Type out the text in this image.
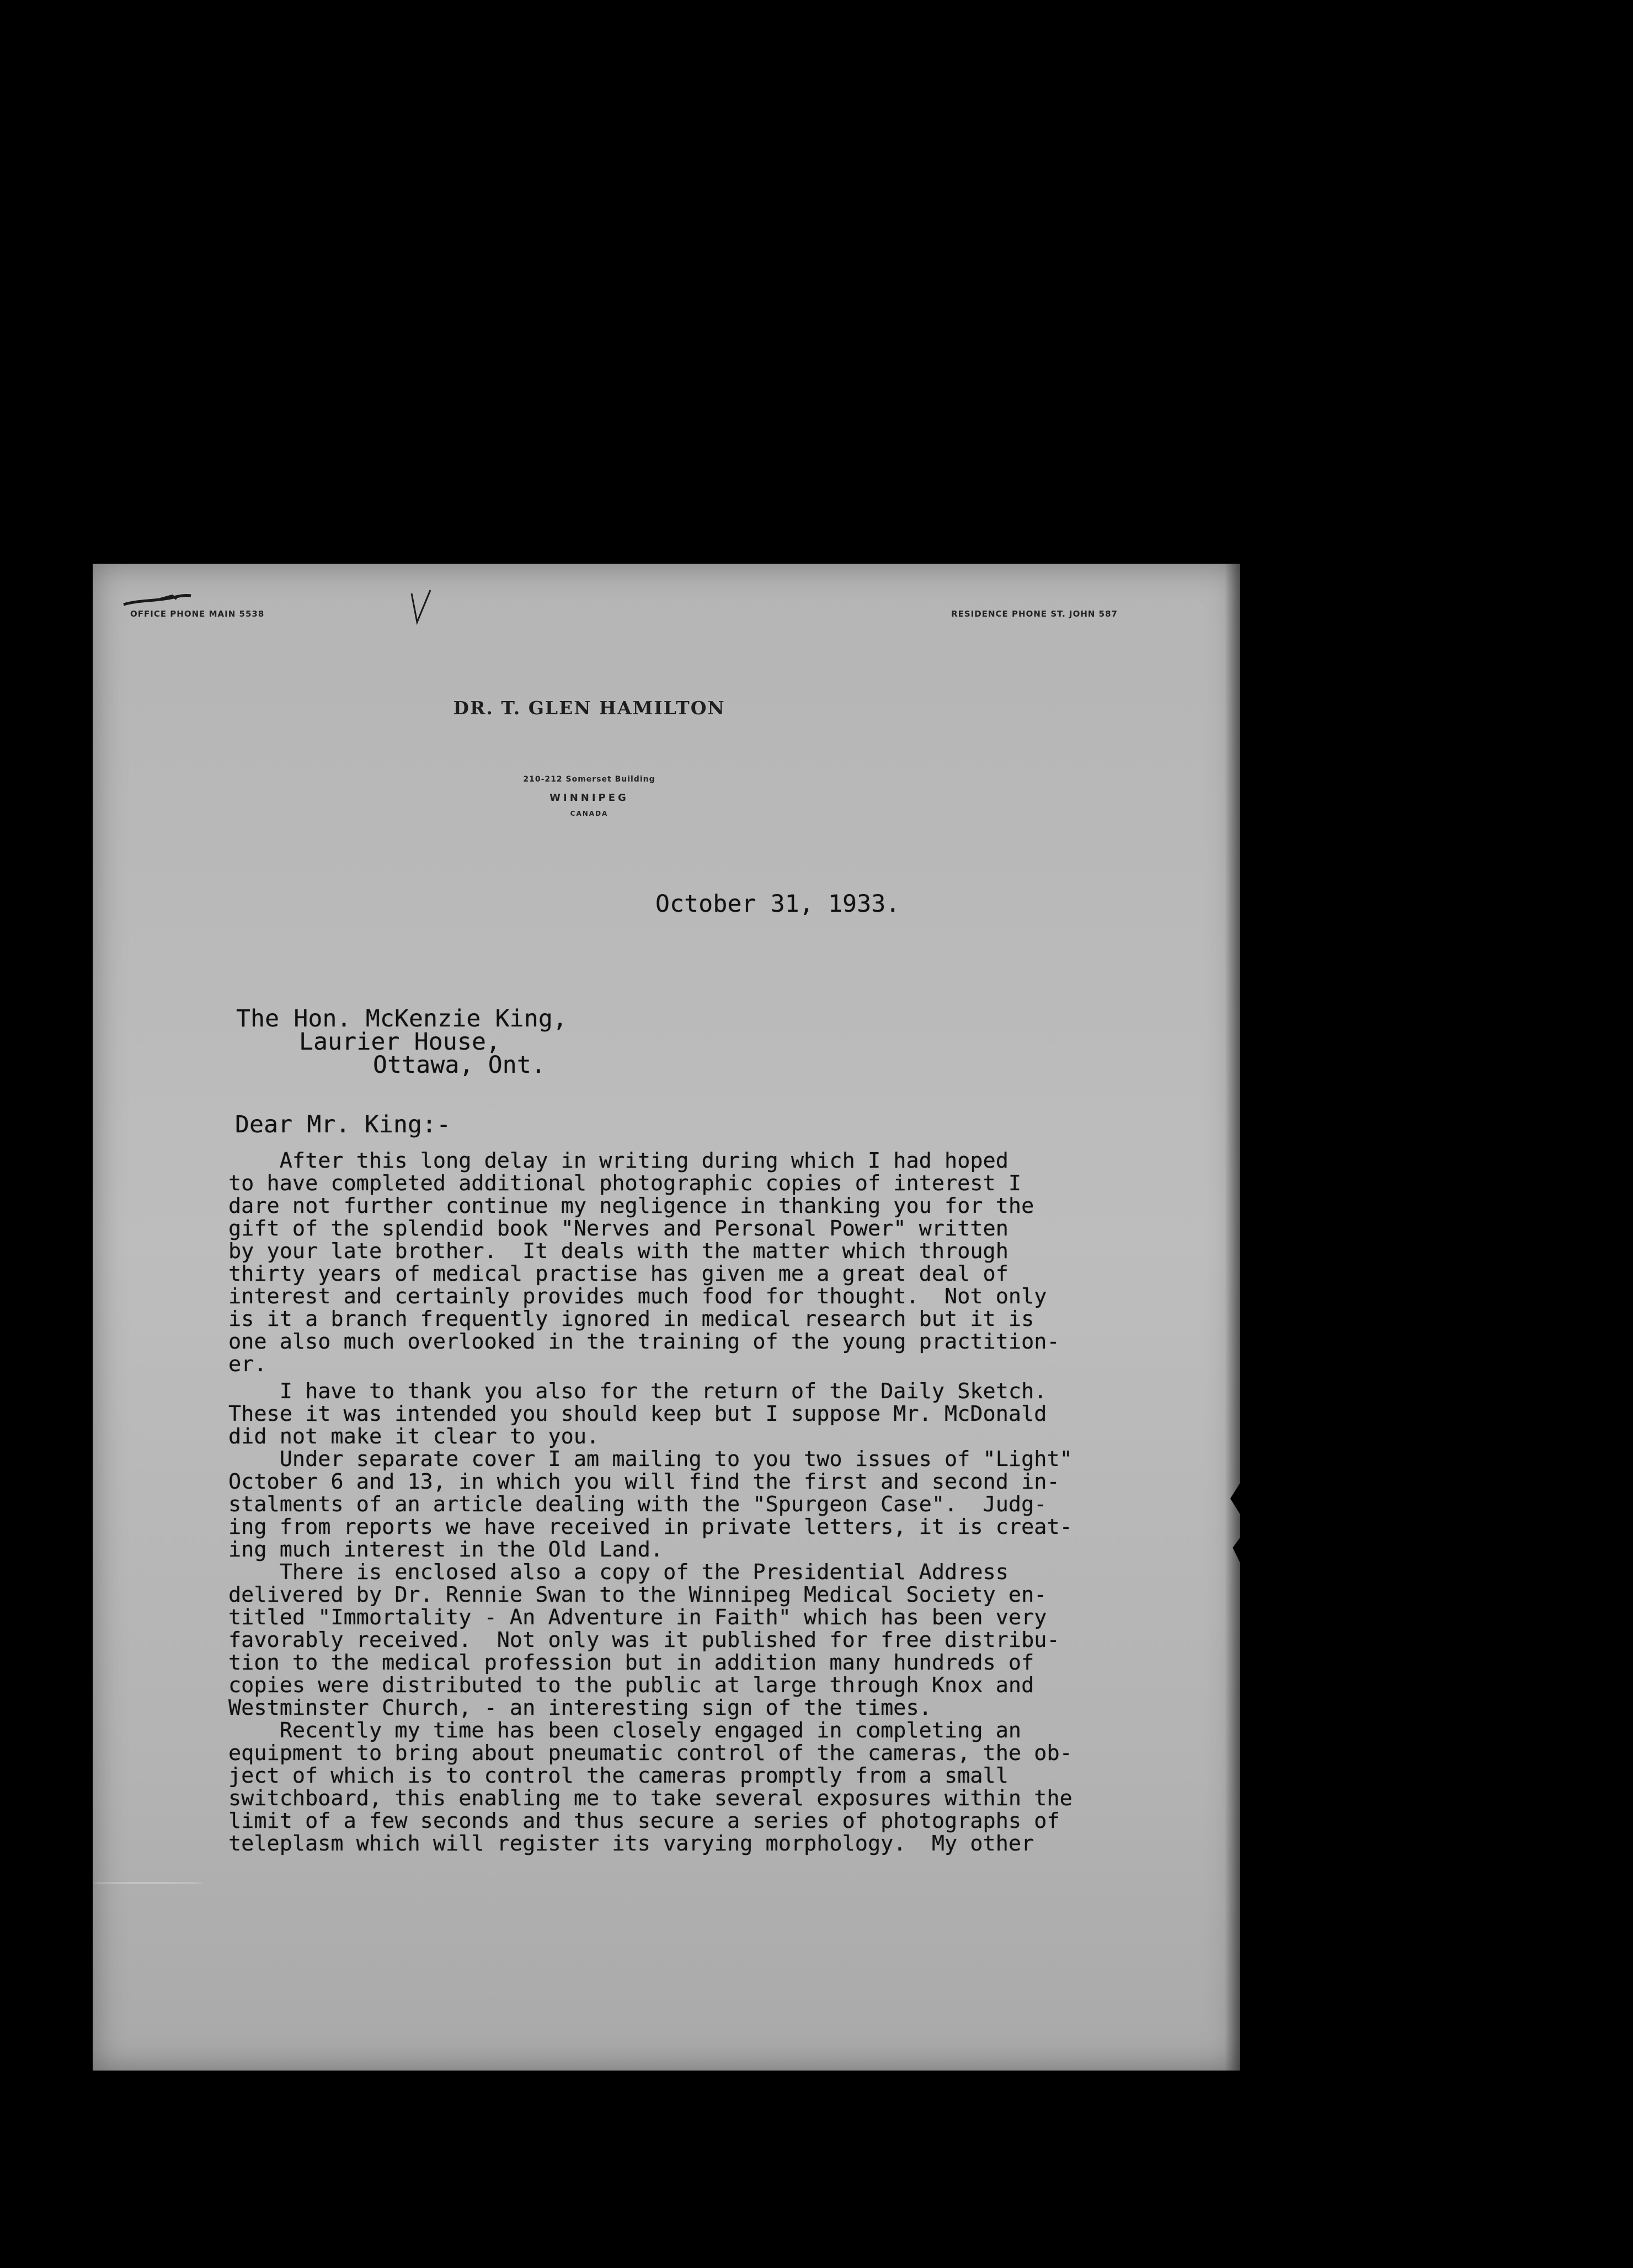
OFFICE PHONE MAIN 5538	RESIDENCE PHONE ST. JOHN 587
DR. T. GLEN HAMILTON
210-212 Somerset Building
WINNIPEG
CANADA
October 31, 1933.
The Hon. McKenzie King,
Laurier House,
Ottawa, Ont.
Dear Mr. King:-
After this long delay in writing during which I had hoped
to have completed additional photographic copies of interest I
dare not further continue my negligence in thanking you for the
gift of the splendid book "Nerves and Personal Power" written
by your late brother.  It deals with the matter which through
thirty years of medical practise has given me a great deal of
interest and certainly provides much food for thought.  Not only
is it a branch frequently ignored in medical research but it is
one also much overlooked in the training of the young practition-
er.
I have to thank you also for the return of the Daily Sketch.
These it was intended you should keep but I suppose Mr. McDonald
did not make it clear to you.
Under separate cover I am mailing to you two issues of "Light"
October 6 and 13, in which you will find the first and second in-
stalments of an article dealing with the "Spurgeon Case".  Judg-
ing from reports we have received in private letters, it is creat-
ing much interest in the Old Land.
There is enclosed also a copy of the Presidential Address
delivered by Dr. Rennie Swan to the Winnipeg Medical Society en-
titled "Immortality - An Adventure in Faith" which has been very
favorably received.  Not only was it published for free distribu-
tion to the medical profession but in addition many hundreds of
copies were distributed to the public at large through Knox and
Westminster Church, - an interesting sign of the times.
Recently my time has been closely engaged in completing an
equipment to bring about pneumatic control of the cameras, the ob-
ject of which is to control the cameras promptly from a small
switchboard, this enabling me to take several exposures within the
limit of a few seconds and thus secure a series of photographs of
teleplasm which will register its varying morphology.  My other
